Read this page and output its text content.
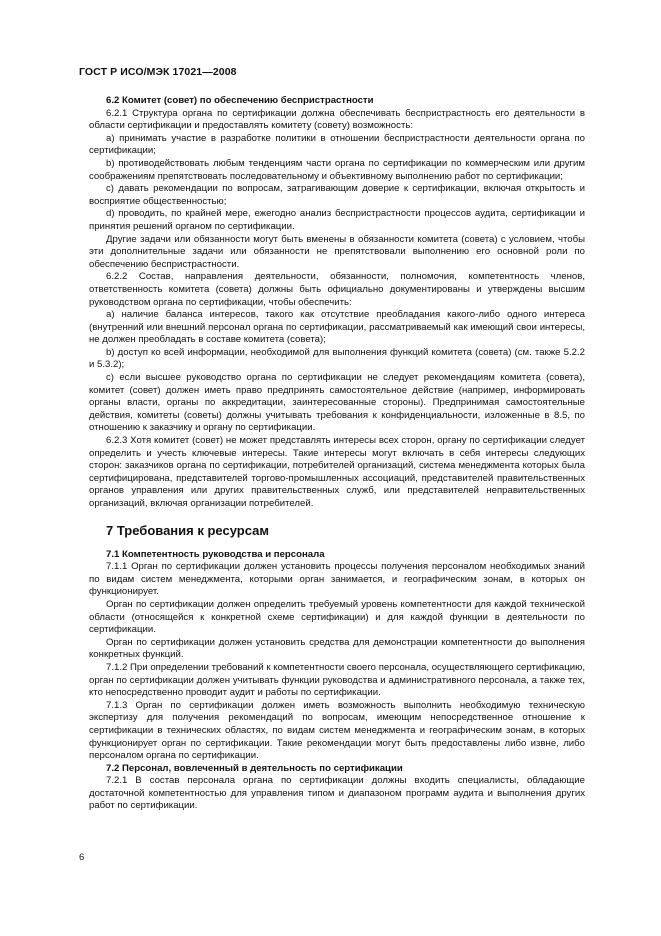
ГОСТ Р ИСО/МЭК 17021—2008
6.2 Комитет (совет) по обеспечению беспристрастности

6.2.1 Структура органа по сертификации должна обеспечивать беспристрастность его деятельности в области сертификации и предоставлять комитету (совету) возможность:

а) принимать участие в разработке политики в отношении беспристрастности деятельности органа по сертификации;

b) противодействовать любым тенденциям части органа по сертификации по коммерческим или другим соображениям препятствовать последовательному и объективному выполнению работ по сертификации;

c) давать рекомендации по вопросам, затрагивающим доверие к сертификации, включая открытость и восприятие общественностью;

d) проводить, по крайней мере, ежегодно анализ беспристрастности процессов аудита, сертификации и принятия решений органом по сертификации.

Другие задачи или обязанности могут быть вменены в обязанности комитета (совета) с условием, чтобы эти дополнительные задачи или обязанности не препятствовали выполнению его основной роли по обеспечению беспристрастности.

6.2.2 Состав, направления деятельности, обязанности, полномочия, компетентность членов, ответственность комитета (совета) должны быть официально документированы и утверждены высшим руководством органа по сертификации, чтобы обеспечить:

а) наличие баланса интересов, такого как отсутствие преобладания какого-либо одного интереса (внутренний или внешний персонал органа по сертификации, рассматриваемый как имеющий свои интересы, не должен преобладать в составе комитета (совета);

b) доступ ко всей информации, необходимой для выполнения функций комитета (совета) (см. также 5.2.2 и 5.3.2);

c) если высшее руководство органа по сертификации не следует рекомендациям комитета (совета), комитет (совет) должен иметь право предпринять самостоятельное действие (например, информировать органы власти, органы по аккредитации, заинтересованные стороны). Предпринимая самостоятельные действия, комитеты (советы) должны учитывать требования к конфиденциальности, изложенные в 8.5, по отношению к заказчику и органу по сертификации.

6.2.3 Хотя комитет (совет) не может представлять интересы всех сторон, органу по сертификации следует определить и учесть ключевые интересы. Такие интересы могут включать в себя интересы следующих сторон: заказчиков органа по сертификации, потребителей организаций, система менеджмента которых была сертифицирована, представителей торгово-промышленных ассоциаций, представителей правительственных органов управления или других правительственных служб, или представителей неправительственных организаций, включая организации потребителей.

7 Требования к ресурсам
7.1 Компетентность руководства и персонала

7.1.1 Орган по сертификации должен установить процессы получения персоналом необходимых знаний по видам систем менеджмента, которыми орган занимается, и географическим зонам, в которых он функционирует.

Орган по сертификации должен определить требуемый уровень компетентности для каждой технической области (относящейся к конкретной схеме сертификации) и для каждой функции в деятельности по сертификации.

Орган по сертификации должен установить средства для демонстрации компетентности до выполнения конкретных функций.

7.1.2 При определении требований к компетентности своего персонала, осуществляющего сертификацию, орган по сертификации должен учитывать функции руководства и административного персонала, а также тех, кто непосредственно проводит аудит и работы по сертификации.

7.1.3 Орган по сертификации должен иметь возможность выполнить необходимую техническую экспертизу для получения рекомендаций по вопросам, имеющим непосредственное отношение к сертификации в технических областях, по видам систем менеджмента и географическим зонам, в которых функционирует орган по сертификации. Такие рекомендации могут быть предоставлены либо извне, либо персоналом органа по сертификации.

7.2 Персонал, вовлеченный в деятельность по сертификации

7.2.1 В состав персонала органа по сертификации должны входить специалисты, обладающие достаточной компетентностью для управления типом и диапазоном программ аудита и выполнения других работ по сертификации.

6
